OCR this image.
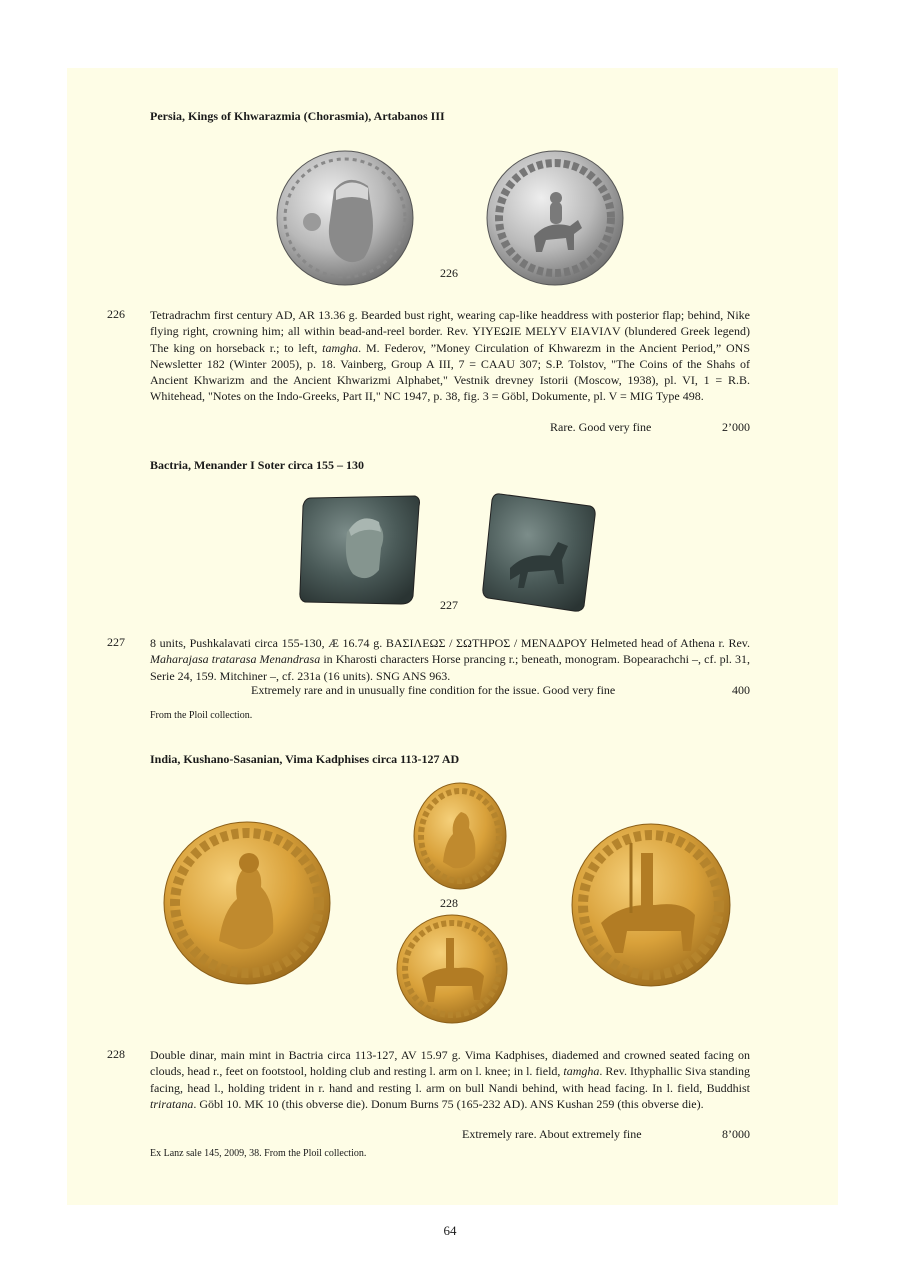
Persia, Kings of Khwarazmia (Chorasmia), Artabanos III
226
226 Tetradrachm first century AD, AR 13.36 g. Bearded bust right, wearing cap-like headdress with posterior flap; behind, Nike flying right, crowning him; all within bead-and-reel border. Rev. ΥΙΥΕΩΙΕ MELYV ΕΙΑVΙΛV (blundered Greek legend) The king on horseback r.; to left, tamgha. M. Federov, ”Money Circulation of Khwarezm in the Ancient Period,” ONS Newsletter 182 (Winter 2005), p. 18. Vainberg, Group A III, 7 = CAAU 307; S.P. Tolstov, "The Coins of the Shahs of Ancient Khwarizm and the Ancient Khwarizmi Alphabet," Vestnik drevney Istorii (Moscow, 1938), pl. VI, 1 = R.B. Whitehead, "Notes on the Indo-Greeks, Part II," NC 1947, p. 38, fig. 3 = Göbl, Dokumente, pl. V = MIG Type 498.
Rare. Good very fine	2’000
Bactria, Menander I Soter circa 155 – 130
227
227 8 units, Pushkalavati circa 155-130, Æ 16.74 g. ΒΑΣΙΛΕΩΣ / ΣΩΤΗΡΟΣ / ΜΕΝΑΔΡΟΥ Helmeted head of Athena r. Rev. Maharajasa tratarasa Menandrasa in Kharosti characters Horse prancing r.; beneath, monogram. Bopearachchi –, cf. pl. 31, Serie 24, 159. Mitchiner –, cf. 231a (16 units). SNG ANS 963.
Extremely rare and in unusually fine condition for the issue. Good very fine	400
From the Ploil collection.
India, Kushano-Sasanian, Vima Kadphises circa 113-127 AD
228
228 Double dinar, main mint in Bactria circa 113-127, AV 15.97 g. Vima Kadphises, diademed and crowned seated facing on clouds, head r., feet on footstool, holding club and resting l. arm on l. knee; in l. field, tamgha. Rev. Ithyphallic Siva standing facing, head l., holding trident in r. hand and resting l. arm on bull Nandi behind, with head facing. In l. field, Buddhist triratana. Göbl 10. MK 10 (this obverse die). Donum Burns 75 (165-232 AD). ANS Kushan 259 (this obverse die).
Extremely rare. About extremely fine	8’000
Ex Lanz sale 145, 2009, 38. From the Ploil collection.
64
